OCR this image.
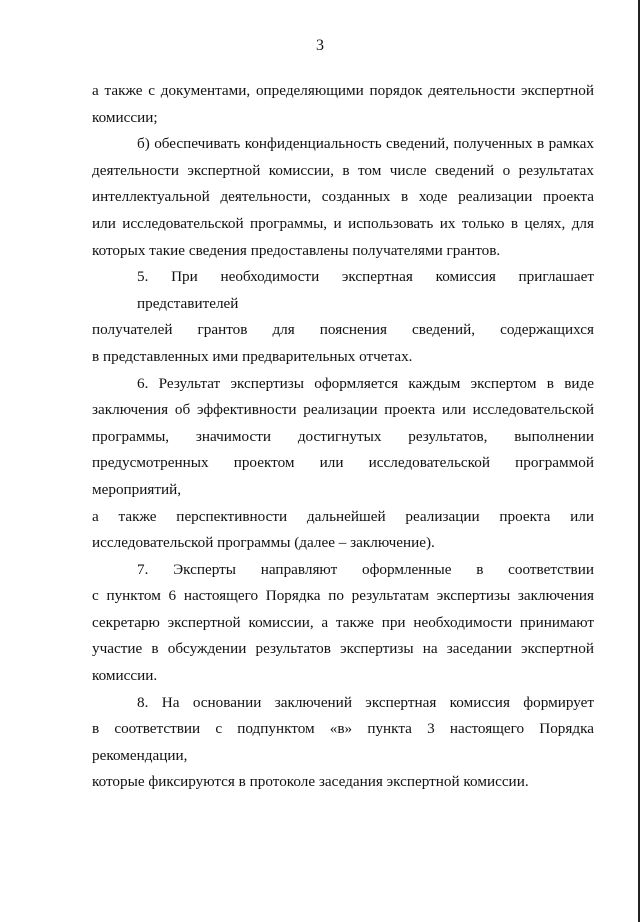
3
а также с документами, определяющими порядок деятельности экспертной
комиссии;
б) обеспечивать конфиденциальность сведений, полученных в рамках
деятельности экспертной комиссии, в том числе сведений о результатах
интеллектуальной деятельности, созданных в ходе реализации проекта
или исследовательской программы, и использовать их только в целях, для
которых такие сведения предоставлены получателями грантов.
5. При необходимости экспертная комиссия приглашает представителей
получателей грантов для пояснения сведений, содержащихся
в представленных ими предварительных отчетах.
6. Результат экспертизы оформляется каждым экспертом в виде
заключения об эффективности реализации проекта или исследовательской
программы, значимости достигнутых результатов, выполнении
предусмотренных проектом или исследовательской программой мероприятий,
а также перспективности дальнейшей реализации проекта или
исследовательской программы (далее – заключение).
7. Эксперты направляют оформленные в соответствии
с пунктом 6 настоящего Порядка по результатам экспертизы заключения
секретарю экспертной комиссии, а также при необходимости принимают
участие в обсуждении результатов экспертизы на заседании экспертной
комиссии.
8. На основании заключений экспертная комиссия формирует
в соответствии с подпунктом «в» пункта 3 настоящего Порядка рекомендации,
которые фиксируются в протоколе заседания экспертной комиссии.
